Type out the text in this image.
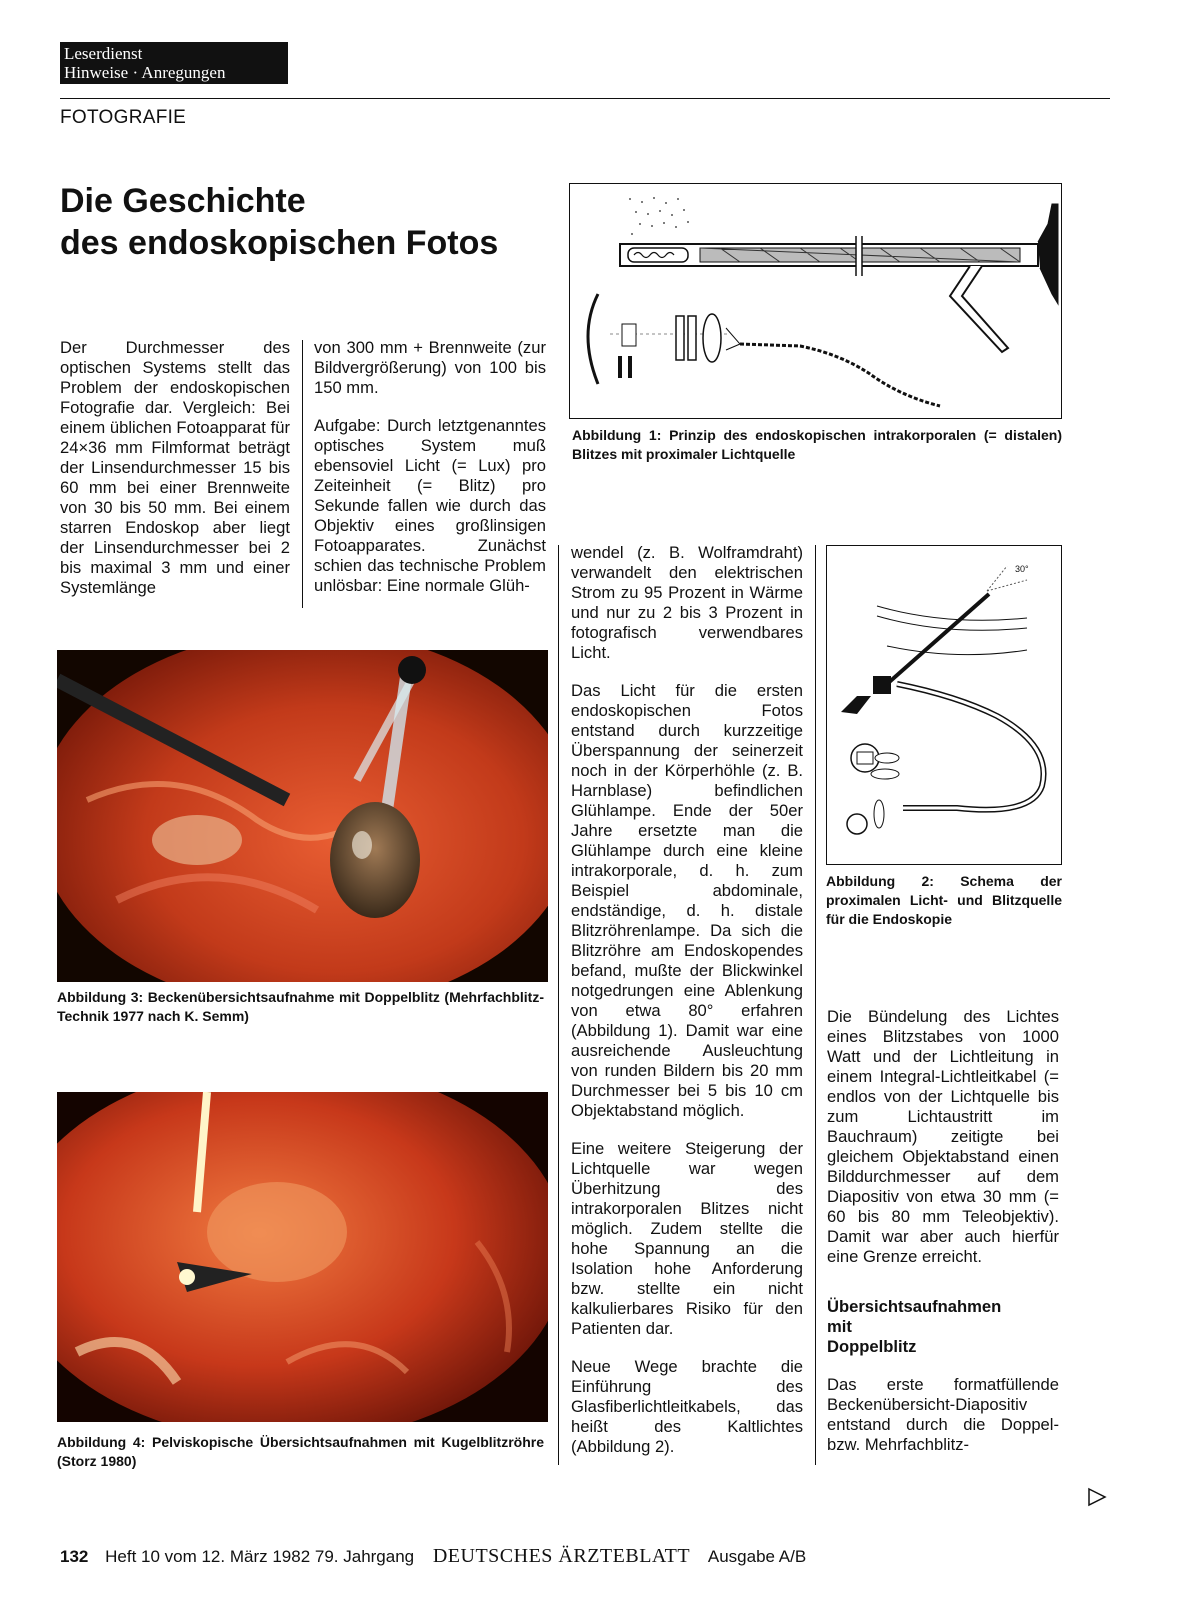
Leserdienst
Hinweise · Anregungen
FOTOGRAFIE
Die Geschichte
des endoskopischen Fotos

Der Durchmesser des optischen Systems stellt das Problem der endoskopischen Fotografie dar. Vergleich: Bei einem üblichen Fotoapparat für 24×36 mm Filmformat beträgt der Linsendurchmesser 15 bis 60 mm bei einer Brennweite von 30 bis 50 mm. Bei einem starren Endoskop aber liegt der Linsendurchmesser bei 2 bis maximal 3 mm und einer Systemlänge

von 300 mm + Brennweite (zur Bildvergrößerung) von 100 bis 150 mm.

Aufgabe: Durch letztgenanntes optisches System muß ebensoviel Licht (= Lux) pro Zeiteinheit (= Blitz) pro Sekunde fallen wie durch das Objektiv eines großlinsigen Fotoapparates. Zunächst schien das technische Problem unlösbar: Eine normale Glüh-

Abbildung 1: Prinzip des endoskopischen intrakorporalen (= distalen) Blitzes mit proximaler Lichtquelle
Abbildung 3: Beckenübersichtsaufnahme mit Doppelblitz (Mehrfachblitz-Technik 1977 nach K. Semm)
Abbildung 4: Pelviskopische Übersichtsaufnahmen mit Kugelblitzröhre (Storz 1980)

wendel (z. B. Wolframdraht) verwandelt den elektrischen Strom zu 95 Prozent in Wärme und nur zu 2 bis 3 Prozent in fotografisch verwendbares Licht.

Das Licht für die ersten endoskopischen Fotos entstand durch kurzzeitige Überspannung der seinerzeit noch in der Körperhöhle (z. B. Harnblase) befindlichen Glühlampe. Ende der 50er Jahre ersetzte man die Glühlampe durch eine kleine intrakorporale, d. h. zum Beispiel abdominale, endständige, d. h. distale Blitzröhrenlampe. Da sich die Blitzröhre am Endoskopendes befand, mußte der Blickwinkel notgedrungen eine Ablenkung von etwa 80° erfahren (Abbildung 1). Damit war eine ausreichende Ausleuchtung von runden Bildern bis 20 mm Durchmesser bei 5 bis 10 cm Objektabstand möglich.

Eine weitere Steigerung der Lichtquelle war wegen Überhitzung des intrakorporalen Blitzes nicht möglich. Zudem stellte die hohe Spannung an die Isolation hohe Anforderung bzw. stellte ein nicht kalkulierbares Risiko für den Patienten dar.

Neue Wege brachte die Einführung des Glasfiberlichtleitkabels, das heißt des Kaltlichtes (Abbildung 2).

30°
Abbildung 2: Schema der proximalen Licht- und Blitzquelle für die Endoskopie

Die Bündelung des Lichtes eines Blitzstabes von 1000 Watt und der Lichtleitung in einem Integral-Lichtleitkabel (= endlos von der Lichtquelle bis zum Lichtaustritt im Bauchraum) zeitigte bei gleichem Objektabstand einen Bilddurchmesser auf dem Diapositiv von etwa 30 mm (= 60 bis 80 mm Teleobjektiv). Damit war aber auch hierfür eine Grenze erreicht.

Übersichtsaufnahmen
mit
Doppelblitz

Das erste formatfüllende Beckenübersicht-Diapositiv entstand durch die Doppel- bzw. Mehrfachblitz-

132 Heft 10 vom 12. März 1982 79. Jahrgang DEUTSCHES ÄRZTEBLATT Ausgabe A/B
